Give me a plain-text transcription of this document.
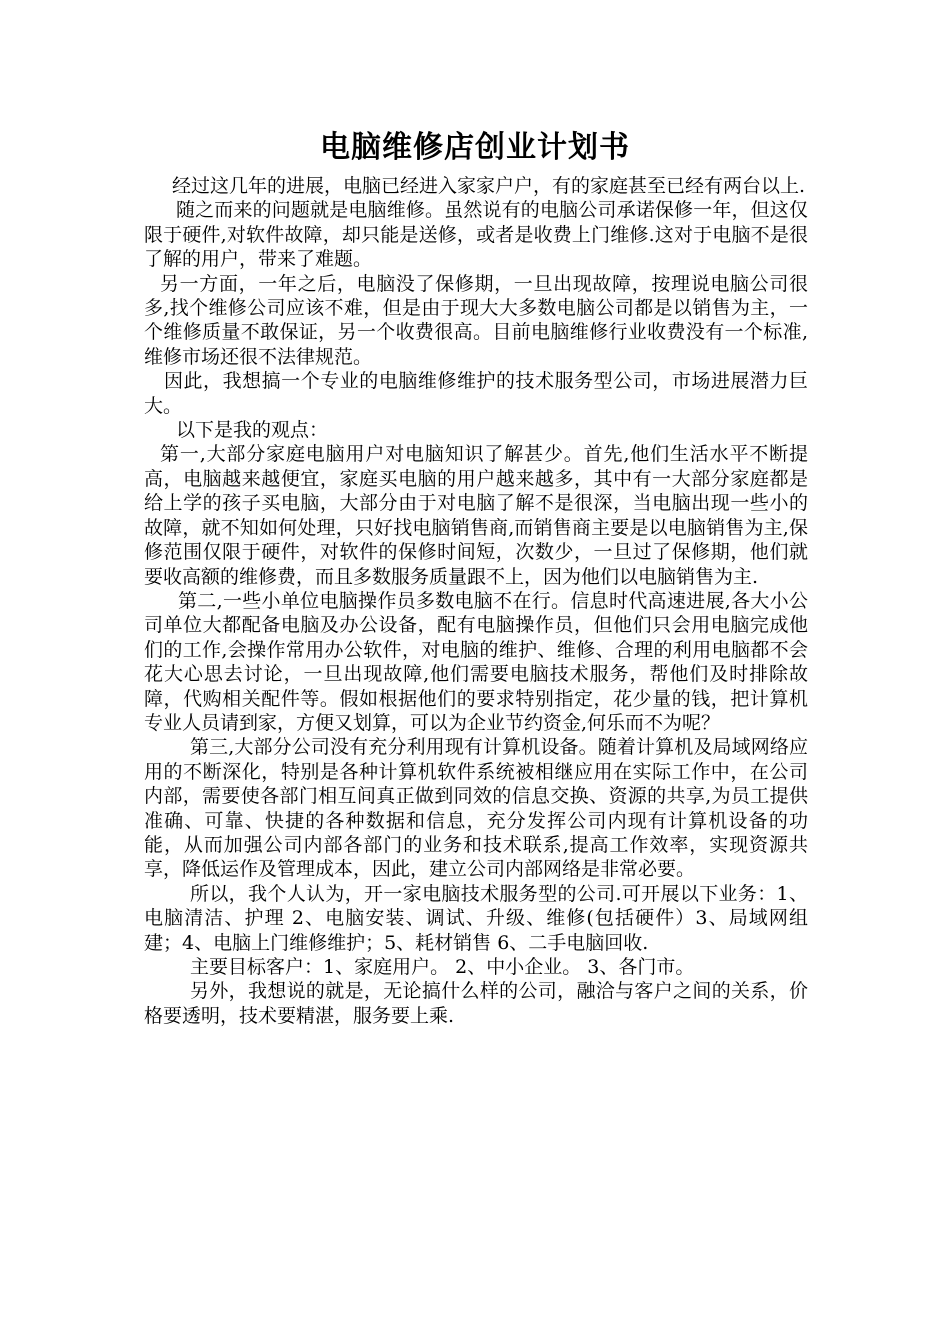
电脑维修店创业计划书

经过这几年的进展，电脑已经进入家家户户，有的家庭甚至已经有两台以上.

随之而来的问题就是电脑维修。虽然说有的电脑公司承诺保修一年，但这仅限于硬件,对软件故障，却只能是送修，或者是收费上门维修.这对于电脑不是很了解的用户，带来了难题。

另一方面，一年之后，电脑没了保修期，一旦出现故障，按理说电脑公司很多,找个维修公司应该不难，但是由于现大大多数电脑公司都是以销售为主，一个维修质量不敢保证，另一个收费很高。目前电脑维修行业收费没有一个标准,维修市场还很不法律规范。

因此，我想搞一个专业的电脑维修维护的技术服务型公司，市场进展潜力巨大。

以下是我的观点：

第一,大部分家庭电脑用户对电脑知识了解甚少。首先,他们生活水平不断提高，电脑越来越便宜，家庭买电脑的用户越来越多，其中有一大部分家庭都是给上学的孩子买电脑，大部分由于对电脑了解不是很深，当电脑出现一些小的故障，就不知如何处理，只好找电脑销售商,而销售商主要是以电脑销售为主,保修范围仅限于硬件，对软件的保修时间短，次数少，一旦过了保修期，他们就要收高额的维修费，而且多数服务质量跟不上，因为他们以电脑销售为主.

第二,一些小单位电脑操作员多数电脑不在行。信息时代高速进展,各大小公司单位大都配备电脑及办公设备，配有电脑操作员，但他们只会用电脑完成他们的工作,会操作常用办公软件，对电脑的维护、维修、合理的利用电脑都不会花大心思去讨论，一旦出现故障,他们需要电脑技术服务，帮他们及时排除故障，代购相关配件等。假如根据他们的要求特别指定，花少量的钱，把计算机专业人员请到家，方便又划算，可以为企业节约资金,何乐而不为呢？

第三,大部分公司没有充分利用现有计算机设备。随着计算机及局域网络应用的不断深化，特别是各种计算机软件系统被相继应用在实际工作中，在公司内部，需要使各部门相互间真正做到同效的信息交换、资源的共享,为员工提供准确、可靠、快捷的各种数据和信息，充分发挥公司内现有计算机设备的功能，从而加强公司内部各部门的业务和技术联系,提高工作效率，实现资源共享，降低运作及管理成本，因此，建立公司内部网络是非常必要。

所以，我个人认为，开一家电脑技术服务型的公司.可开展以下业务：1、电脑清洁、护理 2、电脑安装、调试、升级、维修(包括硬件）3、局域网组建；4、电脑上门维修维护；5、耗材销售 6、二手电脑回收.

主要目标客户：1、家庭用户。 2、中小企业。 3、各门市。

另外，我想说的就是，无论搞什么样的公司，融洽与客户之间的关系，价格要透明，技术要精湛，服务要上乘.
